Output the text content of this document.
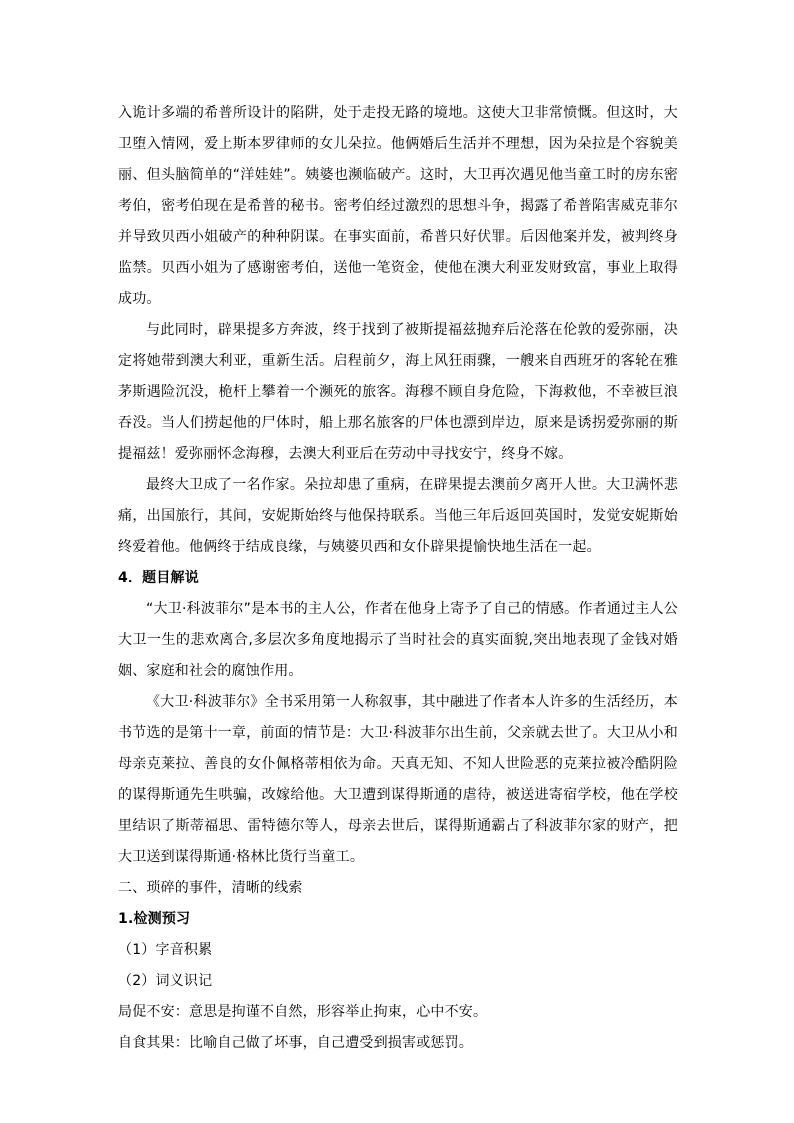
入诡计多端的希普所设计的陷阱，处于走投无路的境地。这使大卫非常愤慨。但这时，大卫堕入情网，爱上斯本罗律师的女儿朵拉。他俩婚后生活并不理想，因为朵拉是个容貌美丽、但头脑简单的“洋娃娃”。姨婆也濒临破产。这时，大卫再次遇见他当童工时的房东密考伯，密考伯现在是希普的秘书。密考伯经过激烈的思想斗争，揭露了希普陷害威克菲尔并导致贝西小姐破产的种种阴谋。在事实面前，希普只好伏罪。后因他案并发，被判终身监禁。贝西小姐为了感谢密考伯，送他一笔资金，使他在澳大利亚发财致富，事业上取得成功。

与此同时，辟果提多方奔波，终于找到了被斯提福兹抛弃后沦落在伦敦的爱弥丽，决定将她带到澳大利亚，重新生活。启程前夕，海上风狂雨骤，一艘来自西班牙的客轮在雅茅斯遇险沉没，桅杆上攀着一个濒死的旅客。海穆不顾自身危险，下海救他，不幸被巨浪吞没。当人们捞起他的尸体时，船上那名旅客的尸体也漂到岸边，原来是诱拐爱弥丽的斯提福兹！爱弥丽怀念海穆，去澳大利亚后在劳动中寻找安宁，终身不嫁。

最终大卫成了一名作家。朵拉却患了重病，在辟果提去澳前夕离开人世。大卫满怀悲痛，出国旅行，其间，安妮斯始终与他保持联系。当他三年后返回英国时，发觉安妮斯始终爱着他。他俩终于结成良缘，与姨婆贝西和女仆辟果提愉快地生活在一起。

4．题目解说

“大卫·科波菲尔”是本书的主人公，作者在他身上寄予了自己的情感。作者通过主人公大卫一生的悲欢离合,多层次多角度地揭示了当时社会的真实面貌,突出地表现了金钱对婚姻、家庭和社会的腐蚀作用。

《大卫·科波菲尔》全书采用第一人称叙事，其中融进了作者本人许多的生活经历，本书节选的是第十一章，前面的情节是：大卫·科波菲尔出生前，父亲就去世了。大卫从小和母亲克莱拉、善良的女仆佩格蒂相依为命。天真无知、不知人世险恶的克莱拉被冷酷阴险的谋得斯通先生哄骗，改嫁给他。大卫遭到谋得斯通的虐待，被送进寄宿学校，他在学校里结识了斯蒂福思、雷特德尔等人，母亲去世后，谋得斯通霸占了科波菲尔家的财产，把大卫送到谋得斯通·格林比货行当童工。

二、琐碎的事件，清晰的线索

1.检测预习

（1）字音积累

（2）词义识记

局促不安：意思是拘谨不自然，形容举止拘束，心中不安。

自食其果：比喻自己做了坏事，自己遭受到损害或惩罚。
